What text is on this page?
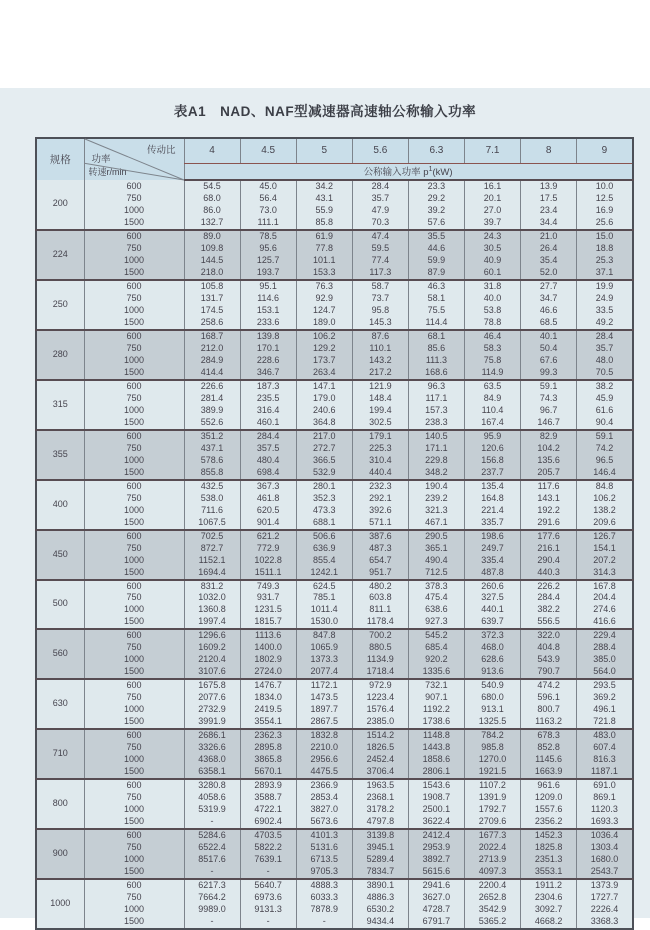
表A1　NAD、NAF型减速器高速轴公称输入功率
规格	传动比
功率
转速r/min	4	4.5	5	5.6	6.3	7.1	8	9
		公称输入功率 $p^1(kW)$							
200	600	54.5	45.0	34.2	28.4	23.3	16.1	13.9	10.0
	750	68.0	56.4	43.1	35.7	29.2	20.1	17.5	12.5
	1000	86.0	73.0	55.9	47.9	39.2	27.0	23.4	16.9
	1500	132.7	111.1	85.8	70.3	57.6	39.7	34.4	25.6
224	600	89.0	78.5	61.9	47.4	35.5	24.3	21.0	15.0
	750	109.8	95.6	77.8	59.5	44.6	30.5	26.4	18.8
	1000	144.5	125.7	101.1	77.4	59.9	40.9	35.4	25.3
	1500	218.0	193.7	153.3	117.3	87.9	60.1	52.0	37.1
250	600	105.8	95.1	76.3	58.7	46.3	31.8	27.7	19.9
	750	131.7	114.6	92.9	73.7	58.1	40.0	34.7	24.9
	1000	174.5	153.1	124.7	95.8	75.5	53.8	46.6	33.5
	1500	258.6	233.6	189.0	145.3	114.4	78.8	68.5	49.2
280	600	168.7	139.8	106.2	87.6	68.1	46.4	40.1	28.4
	750	212.0	170.1	129.2	110.1	85.6	58.3	50.4	35.7
	1000	284.9	228.6	173.7	143.2	111.3	75.8	67.6	48.0
	1500	414.4	346.7	263.4	217.2	168.6	114.9	99.3	70.5
315	600	226.6	187.3	147.1	121.9	96.3	63.5	59.1	38.2
	750	281.4	235.5	179.0	148.4	117.1	84.9	74.3	45.9
	1000	389.9	316.4	240.6	199.4	157.3	110.4	96.7	61.6
	1500	552.6	460.1	364.8	302.5	238.3	167.4	146.7	90.4
355	600	351.2	284.4	217.0	179.1	140.5	95.9	82.9	59.1
	750	437.1	357.5	272.7	225.3	171.1	120.6	104.2	74.2
	1000	578.6	480.4	366.5	310.4	229.8	156.8	135.6	96.5
	1500	855.8	698.4	532.9	440.4	348.2	237.7	205.7	146.4
400	600	432.5	367.3	280.1	232.3	190.4	135.4	117.6	84.8
	750	538.0	461.8	352.3	292.1	239.2	164.8	143.1	106.2
	1000	711.6	620.5	473.3	392.6	321.3	221.4	192.2	138.2
	1500	1067.5	901.4	688.1	571.1	467.1	335.7	291.6	209.6
450	600	702.5	621.2	506.6	387.6	290.5	198.6	177.6	126.7
	750	872.7	772.9	636.9	487.3	365.1	249.7	216.1	154.1
	1000	1152.1	1022.8	855.4	654.7	490.4	335.4	290.4	207.2
	1500	1694.4	1511.1	1242.1	951.7	712.5	487.8	440.3	314.3
500	600	831.2	749.3	624.5	480.2	378.3	260.6	226.2	167.8
	750	1032.0	931.7	785.1	603.8	475.4	327.5	284.4	204.4
	1000	1360.8	1231.5	1011.4	811.1	638.6	440.1	382.2	274.6
	1500	1997.4	1815.7	1530.0	1178.4	927.3	639.7	556.5	416.6
560	600	1296.6	1113.6	847.8	700.2	545.2	372.3	322.0	229.4
	750	1609.2	1400.0	1065.9	880.5	685.4	468.0	404.8	288.4
	1000	2120.4	1802.9	1373.3	1134.9	920.2	628.6	543.9	385.0
	1500	3107.6	2724.0	2077.4	1718.4	1335.6	913.6	790.7	564.0
630	600	1675.8	1476.7	1172.1	972.9	732.1	540.9	474.2	293.5
	750	2077.6	1834.0	1473.5	1223.4	907.1	680.0	596.1	369.2
	1000	2732.9	2419.5	1897.7	1576.4	1192.2	913.1	800.7	496.1
	1500	3991.9	3554.1	2867.5	2385.0	1738.6	1325.5	1163.2	721.8
710	600	2686.1	2362.3	1832.8	1514.2	1148.8	784.2	678.3	483.0
	750	3326.6	2895.8	2210.0	1826.5	1443.8	985.8	852.8	607.4
	1000	4368.0	3865.8	2956.6	2452.4	1858.6	1270.0	1145.6	816.3
	1500	6358.1	5670.1	4475.5	3706.4	2806.1	1921.5	1663.9	1187.1
800	600	3280.8	2893.9	2366.9	1963.5	1543.6	1107.2	961.6	691.0
	750	4058.6	3588.7	2853.4	2368.1	1908.7	1391.9	1209.0	869.1
	1000	5319.9	4722.1	3827.0	3178.2	2500.1	1792.7	1557.6	1120.3
	1500	-	6902.4	5673.6	4797.8	3622.4	2709.6	2356.2	1693.3
900	600	5284.6	4703.5	4101.3	3139.8	2412.4	1677.3	1452.3	1036.4
	750	6522.4	5822.2	5131.6	3945.1	2953.9	2022.4	1825.8	1303.4
	1000	8517.6	7639.1	6713.5	5289.4	3892.7	2713.9	2351.3	1680.0
	1500	-	-	9705.3	7834.7	5615.6	4097.3	3553.1	2543.7
1000	600	6217.3	5640.7	4888.3	3890.1	2941.6	2200.4	1911.2	1373.9
	750	7664.2	6973.6	6033.3	4886.3	3627.0	2652.8	2304.6	1727.7
	1000	9989.0	9131.3	7878.9	6530.2	4728.7	3542.9	3092.7	2226.4
	1500	-	-	-	9434.4	6791.7	5365.2	4668.2	3368.3
